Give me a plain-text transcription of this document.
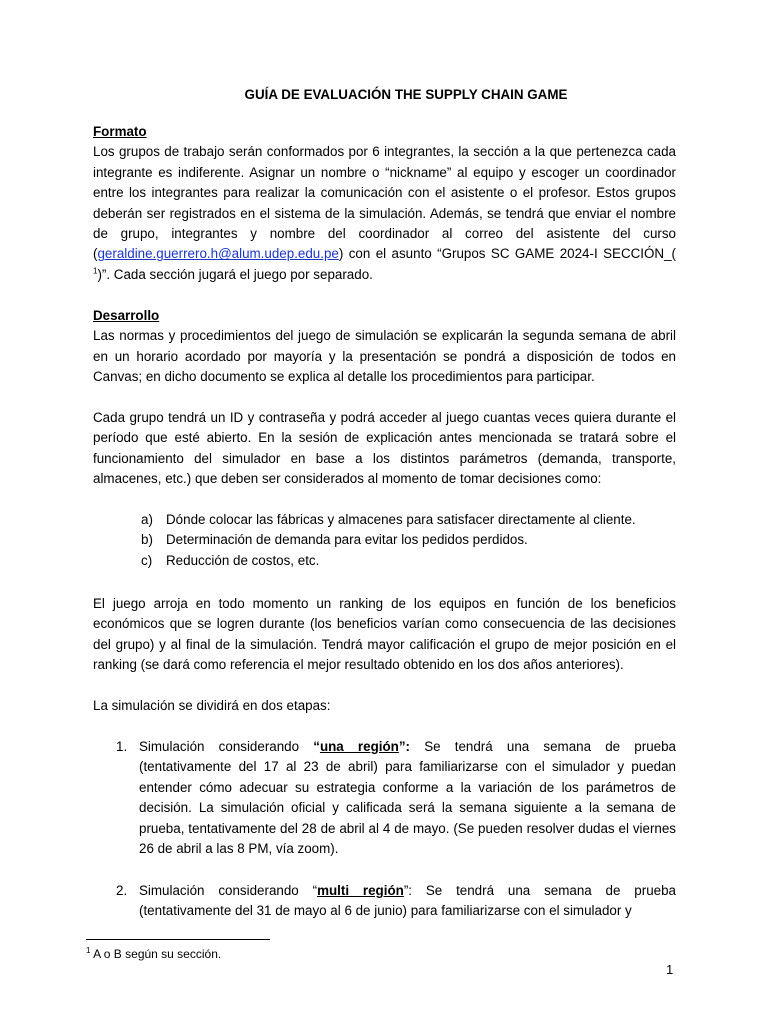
GUÍA DE EVALUACIÓN THE SUPPLY CHAIN GAME
Formato
Los grupos de trabajo serán conformados por 6 integrantes, la sección a la que pertenezca cada integrante es indiferente. Asignar un nombre o “nickname” al equipo y escoger un coordinador entre los integrantes para realizar la comunicación con el asistente o el profesor. Estos grupos deberán ser registrados en el sistema de la simulación. Además, se tendrá que enviar el nombre de grupo, integrantes y nombre del coordinador al correo del asistente del curso (geraldine.guerrero.h@alum.udep.edu.pe) con el asunto “Grupos SC GAME 2024-I SECCIÓN_( $^1$)”. Cada sección jugará el juego por separado.
Desarrollo
Las normas y procedimientos del juego de simulación se explicarán la segunda semana de abril en un horario acordado por mayoría y la presentación se pondrá a disposición de todos en Canvas; en dicho documento se explica al detalle los procedimientos para participar.
Cada grupo tendrá un ID y contraseña y podrá acceder al juego cuantas veces quiera durante el período que esté abierto. En la sesión de explicación antes mencionada se tratará sobre el funcionamiento del simulador en base a los distintos parámetros (demanda, transporte, almacenes, etc.) que deben ser considerados al momento de tomar decisiones como:
a) Dónde colocar las fábricas y almacenes para satisfacer directamente al cliente.
b) Determinación de demanda para evitar los pedidos perdidos.
c)	Reducción de costos, etc.
El juego arroja en todo momento un ranking de los equipos en función de los beneficios económicos que se logren durante (los beneficios varían como consecuencia de las decisiones del grupo) y al final de la simulación. Tendrá mayor calificación el grupo de mejor posición en el ranking (se dará como referencia el mejor resultado obtenido en los dos años anteriores).
La simulación se dividirá en dos etapas:
1. Simulación considerando “una región”: Se tendrá una semana de prueba (tentativamente del 17 al 23 de abril) para familiarizarse con el simulador y puedan entender cómo adecuar su estrategia conforme a la variación de los parámetros de decisión. La simulación oficial y calificada será la semana siguiente a la semana de prueba, tentativamente del 28 de abril al 4 de mayo. (Se pueden resolver dudas el viernes 26 de abril a las 8 PM, vía zoom).
2. Simulación considerando “multi región”: Se tendrá una semana de prueba (tentativamente del 31 de mayo al 6 de junio) para familiarizarse con el simulador y
$^1$ A o B según su sección.
1
